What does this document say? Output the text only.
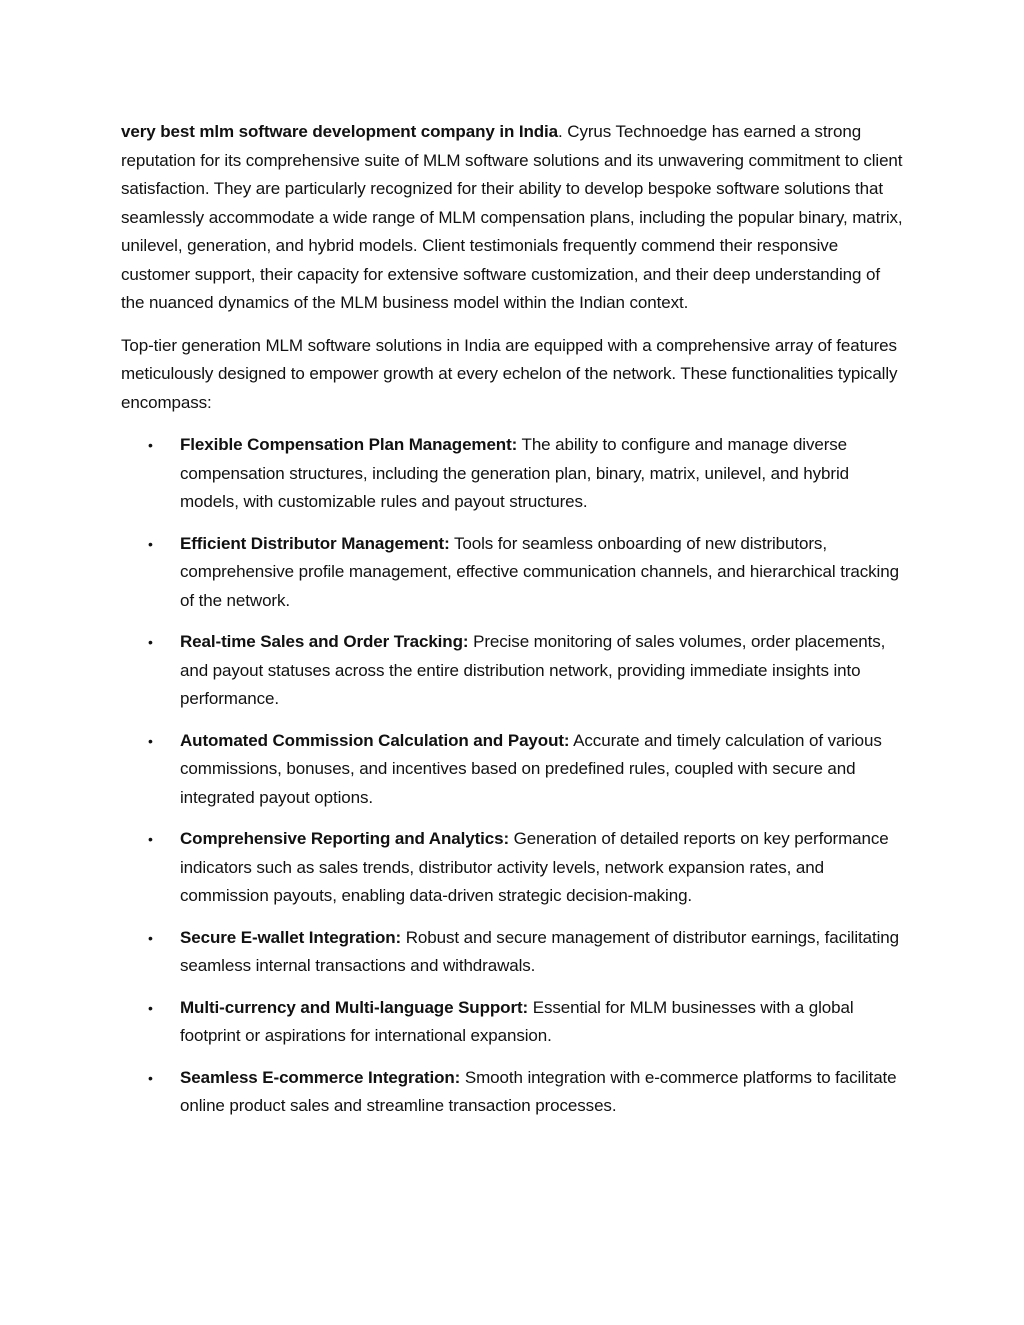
very best mlm software development company in India. Cyrus Technoedge has earned a strong reputation for its comprehensive suite of MLM software solutions and its unwavering commitment to client satisfaction. They are particularly recognized for their ability to develop bespoke software solutions that seamlessly accommodate a wide range of MLM compensation plans, including the popular binary, matrix, unilevel, generation, and hybrid models. Client testimonials frequently commend their responsive customer support, their capacity for extensive software customization, and their deep understanding of the nuanced dynamics of the MLM business model within the Indian context.

Top-tier generation MLM software solutions in India are equipped with a comprehensive array of features meticulously designed to empower growth at every echelon of the network. These functionalities typically encompass:

• Flexible Compensation Plan Management: The ability to configure and manage diverse compensation structures, including the generation plan, binary, matrix, unilevel, and hybrid models, with customizable rules and payout structures.
• Efficient Distributor Management: Tools for seamless onboarding of new distributors, comprehensive profile management, effective communication channels, and hierarchical tracking of the network.
• Real-time Sales and Order Tracking: Precise monitoring of sales volumes, order placements, and payout statuses across the entire distribution network, providing immediate insights into performance.
• Automated Commission Calculation and Payout: Accurate and timely calculation of various commissions, bonuses, and incentives based on predefined rules, coupled with secure and integrated payout options.
• Comprehensive Reporting and Analytics: Generation of detailed reports on key performance indicators such as sales trends, distributor activity levels, network expansion rates, and commission payouts, enabling data-driven strategic decision-making.
• Secure E-wallet Integration: Robust and secure management of distributor earnings, facilitating seamless internal transactions and withdrawals.
• Multi-currency and Multi-language Support: Essential for MLM businesses with a global footprint or aspirations for international expansion.
• Seamless E-commerce Integration: Smooth integration with e-commerce platforms to facilitate online product sales and streamline transaction processes.
